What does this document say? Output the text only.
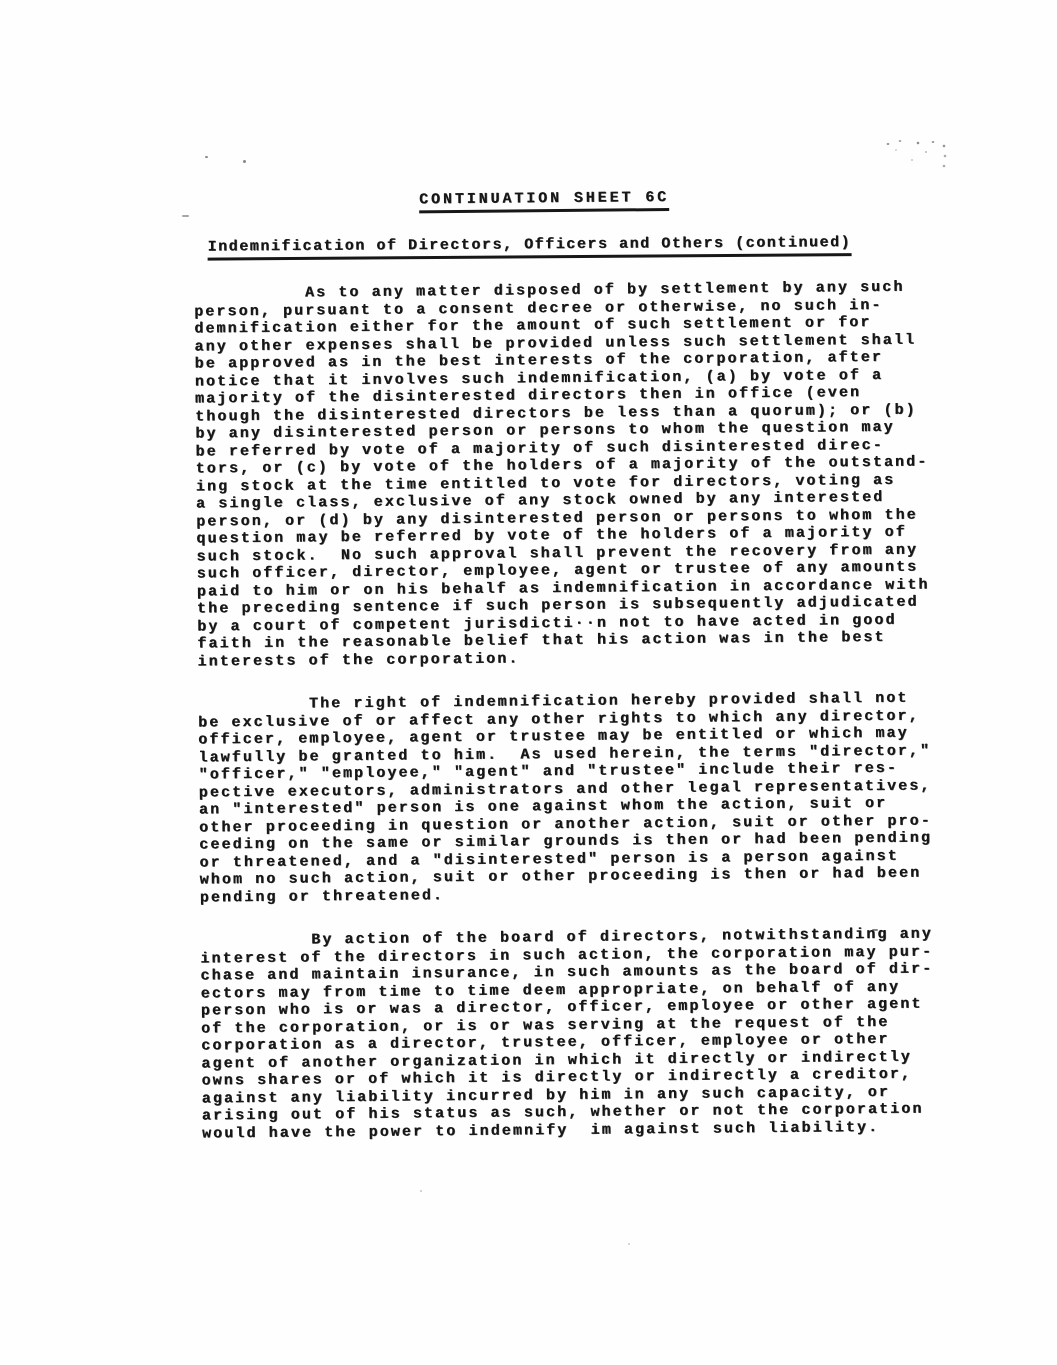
CONTINUATION SHEET 6C
Indemnification of Directors, Officers and Others (continued)
As to any matter disposed of by settlement by any such
person, pursuant to a consent decree or otherwise, no such in-
demnification either for the amount of such settlement or for
any other expenses shall be provided unless such settlement shall
be approved as in the best interests of the corporation, after
notice that it involves such indemnification, (a) by vote of a
majority of the disinterested directors then in office (even
though the disinterested directors be less than a quorum); or (b)
by any disinterested person or persons to whom the question may
be referred by vote of a majority of such disinterested direc-
tors, or (c) by vote of the holders of a majority of the outstand-
ing stock at the time entitled to vote for directors, voting as
a single class, exclusive of any stock owned by any interested
person, or (d) by any disinterested person or persons to whom the
question may be referred by vote of the holders of a majority of
such stock.  No such approval shall prevent the recovery from any
such officer, director, employee, agent or trustee of any amounts
paid to him or on his behalf as indemnification in accordance with
the preceding sentence if such person is subsequently adjudicated
by a court of competent jurisdicti··n not to have acted in good
faith in the reasonable belief that his action was in the best
interests of the corporation.
The right of indemnification hereby provided shall not
be exclusive of or affect any other rights to which any director,
officer, employee, agent or trustee may be entitled or which may
lawfully be granted to him.  As used herein, the terms "director,"
"officer," "employee," "agent" and "trustee" include their res-
pective executors, administrators and other legal representatives,
an "interested" person is one against whom the action, suit or
other proceeding in question or another action, suit or other pro-
ceeding on the same or similar grounds is then or had been pending
or threatened, and a "disinterested" person is a person against
whom no such action, suit or other proceeding is then or had been
pending or threatened.
By action of the board of directors, notwithstanding any
interest of the directors in such action, the corporation may pur-
chase and maintain insurance, in such amounts as the board of dir-
ectors may from time to time deem appropriate, on behalf of any
person who is or was a director, officer, employee or other agent
of the corporation, or is or was serving at the request of the
corporation as a director, trustee, officer, employee or other
agent of another organization in which it directly or indirectly
owns shares or of which it is directly or indirectly a creditor,
against any liability incurred by him in any such capacity, or
arising out of his status as such, whether or not the corporation
would have the power to indemnify  im against such liability.
